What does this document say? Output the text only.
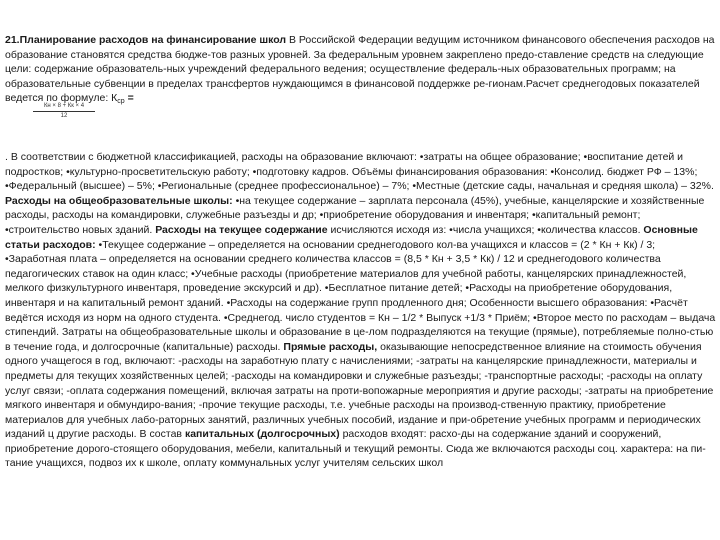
21.Планирование расходов на финансирование школ В Российской Федерации ведущим источником финансового обеспечения расходов на образование становятся средства бюдже-тов разных уровней. За федеральным уровнем закреплено предо-ставление средств на следующие цели: содержание образователь-ных учреждений федерального ведения; осуществление федераль-ных образовательных программ; на образовательные субвенции в пределах трансфертов нуждающимся в финансовой поддержке ре-гионам.Расчет среднегодовых показателей ведется по формуле: $К_{ср}$ =

Кн × 8 + Кк × 4
12

. В соответствии с бюджетной классификацией, расходы на образование включают: •затраты на общее образование; •воспитание детей и подростков; •культурно-просветительскую работу; •подготовку кадров. Объёмы финансирования образования: •Консолид. бюджет РФ – 13%; •Федеральный (высшее) – 5%; •Региональные (среднее профессиональное) – 7%; •Местные (детские сады, начальная и средняя школа) – 32%. Расходы на общеобразовательные школы: •на текущее содержание – зарплата персонала (45%), учебные, канцелярские и хозяйственные расходы, расходы на командировки, служебные разъезды и др; •приобретение оборудования и инвентаря; •капитальный ремонт; •строительство новых зданий. Расходы на текущее содержание исчисляются исходя из: •числа учащихся; •количества классов. Основные статьи расходов: •Текущее содержание – определяется на основании среднегодового кол-ва учащихся и классов = (2 * Кн + Кк) / 3; •Заработная плата – определяется на основании среднего количества классов = (8,5 * Кн + 3,5 * Кк) / 12 и среднегодового количества педагогических ставок на один класс; •Учебные расходы (приобретение материалов для учебной работы, канцелярских принадлежностей, мелкого физкультурного инвентаря, проведение экскурсий и др). •Бесплатное питание детей; •Расходы на приобретение оборудования, инвентаря и на капитальный ремонт зданий. •Расходы на содержание групп продленного дня; Особенности высшего образования: •Расчёт ведётся исходя из норм на одного студента. •Среднегод. число студентов = Кн – 1/2 * Выпуск +1/3 * Приём; •Второе место по расходам – выдача стипендий. Затраты на общеобразовательные школы и образование в це-лом подразделяются на текущие (прямые), потребляемые полно-стью в течение года, и долгосрочные (капитальные) расходы. Прямые расходы, оказывающие непосредственное влияние на стоимость обучения одного учащегося в год, включают: -расходы на заработную плату с начислениями; -затраты на канцелярские принадлежности, материалы и предметы для текущих хозяйственных целей; -расходы на командировки и служебные разъезды; -транспортные расходы; -расходы на оплату услуг связи; -оплата содержания помещений, включая затраты на проти-вопожарные мероприятия и другие расходы; -затраты на приобретение мягкого инвентаря и обмундиро-вания; -прочие текущие расходы, т.е. учебные расходы на производ-ственную практику, приобретение материалов для учебных лабо-раторных занятий, различных учебных пособий, издание и при-обретение учебных программ и периодических изданий ц другие расходы. В состав капитальных (долгосрочных) расходов входят: расхо-ды на содержание зданий и сооружений, приобретение дорого-стоящего оборудования, мебели, капитальный и текущий ремонты. Сюда же включаются расходы соц. характера: на пи-тание учащихся, подвоз их к школе, оплату коммунальных услуг учителям сельских школ
